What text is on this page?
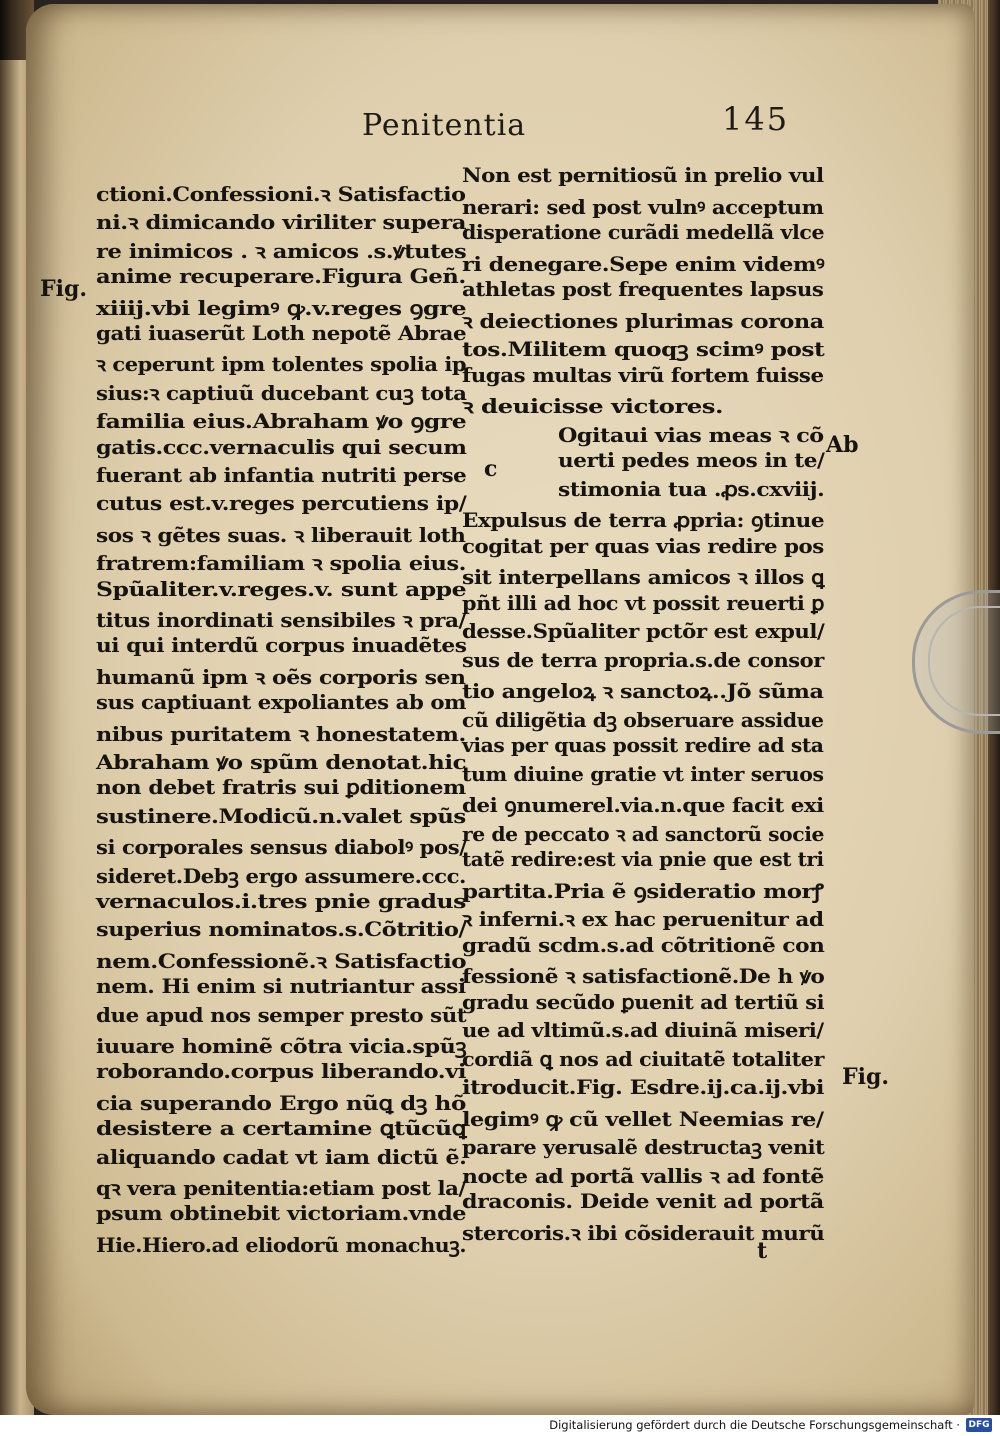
Penitentia	145
ctioni.Confessioni.ꝛ Satisfactio
ni.ꝛ dimicando viriliter supera
re inimicos . ꝛ amicos .s.ꝟtutes
anime recuperare.Figura Geñ.
xiiij.vbi legimꝰ ꝙ.v.reges ꝯgre
gati iuaserũt Loth nepotẽ Abrae
ꝛ ceperunt ipm tolentes spolia ip
sius:ꝛ captiuũ ducebant cuꝫ tota
familia eius.Abraham ꝟo ꝯgre
gatis.ccc.vernaculis qui secum
fuerant ab infantia nutriti perse
cutus est.v.reges percutiens ip/
sos ꝛ gẽtes suas. ꝛ liberauit loth
fratrem:familiam ꝛ spolia eius.
Spũaliter.v.reges.v. sunt appe
titus inordinati sensibiles ꝛ pra/
ui qui interdũ corpus inuadẽtes
humanũ ipm ꝛ oẽs corporis sen
sus captiuant expoliantes ab om
nibus puritatem ꝛ honestatem.
Abraham ꝟo spũm denotat.hic
non debet fratris sui ꝑditionem
sustinere.Modicũ.n.valet spũs
si corporales sensus diabolꝰ pos/
sideret.Debꝫ ergo assumere.ccc.
vernaculos.i.tres pnie gradus
superius nominatos.s.Cõtritio/
nem.Confessionẽ.ꝛ Satisfactio
nem. Hi enim si nutriantur assi
due apud nos semper presto sũt
iuuare hominẽ cõtra vicia.spũꝫ
roborando.corpus liberando.vi
cia superando Ergo nũꝗ dꝫ hõ
desistere a certamine ꝗtũcũꝗ
aliquando cadat vt iam dictũ ẽ.
qꝛ vera penitentia:etiam post la/
psum obtinebit victoriam.vnde
Hie.Hiero.ad eliodorũ monachuꝫ.
Non est pernitiosũ in prelio vul
nerari: sed post vulnꝰ acceptum
disperatione curãdi medellã vlce
ri denegare.Sepe enim videmꝰ
athletas post frequentes lapsus
ꝛ deiectiones plurimas corona
tos.Militem quoqꝫ scimꝰ post
fugas multas virũ fortem fuisse
ꝛ deuicisse victores.
Ogitaui vias meas ꝛ cõ
uerti pedes meos in te/
stimonia tua .ꝓs.cxviij.
Expulsus de terra ꝓpria: ꝯtinue
cogitat per quas vias redire pos
sit interpellans amicos ꝛ illos ꝗ
pñt illi ad hoc vt possit reuerti ꝑ
desse.Spũaliter pctõr est expul/
sus de terra propria.s.de consor
tio angeloꝝ ꝛ sanctoꝝ..Jõ sũma
cũ diligẽtia dꝫ obseruare assidue
vias per quas possit redire ad sta
tum diuine gratie vt inter seruos
dei ꝯnumerel.via.n.que facit exi
re de peccato ꝛ ad sanctorũ socie
tatẽ redire:est via pnie que est tri
partita.Pria ẽ ꝯsideratio morꝭ
ꝛ inferni.ꝛ ex hac peruenitur ad
gradũ scdm.s.ad cõtritionẽ con
fessionẽ ꝛ satisfactionẽ.De h ꝟo
gradu secũdo ꝑuenit ad tertiũ si
ue ad vltimũ.s.ad diuinã miseri/
cordiã ꝗ nos ad ciuitatẽ totaliter
itroducit.Fig. Esdre.ij.ca.ij.vbi
legimꝰ ꝙ cũ vellet Neemias re/
parare yerusalẽ destructaꝫ venit
nocte ad portã vallis ꝛ ad fontẽ
draconis. Deide venit ad portã
stercoris.ꝛ ibi cõsiderauit murũ
c
Fig.
Ab
Fig.
t
Digitalisierung gefördert durch die Deutsche Forschungsgemeinschaft · DFG
